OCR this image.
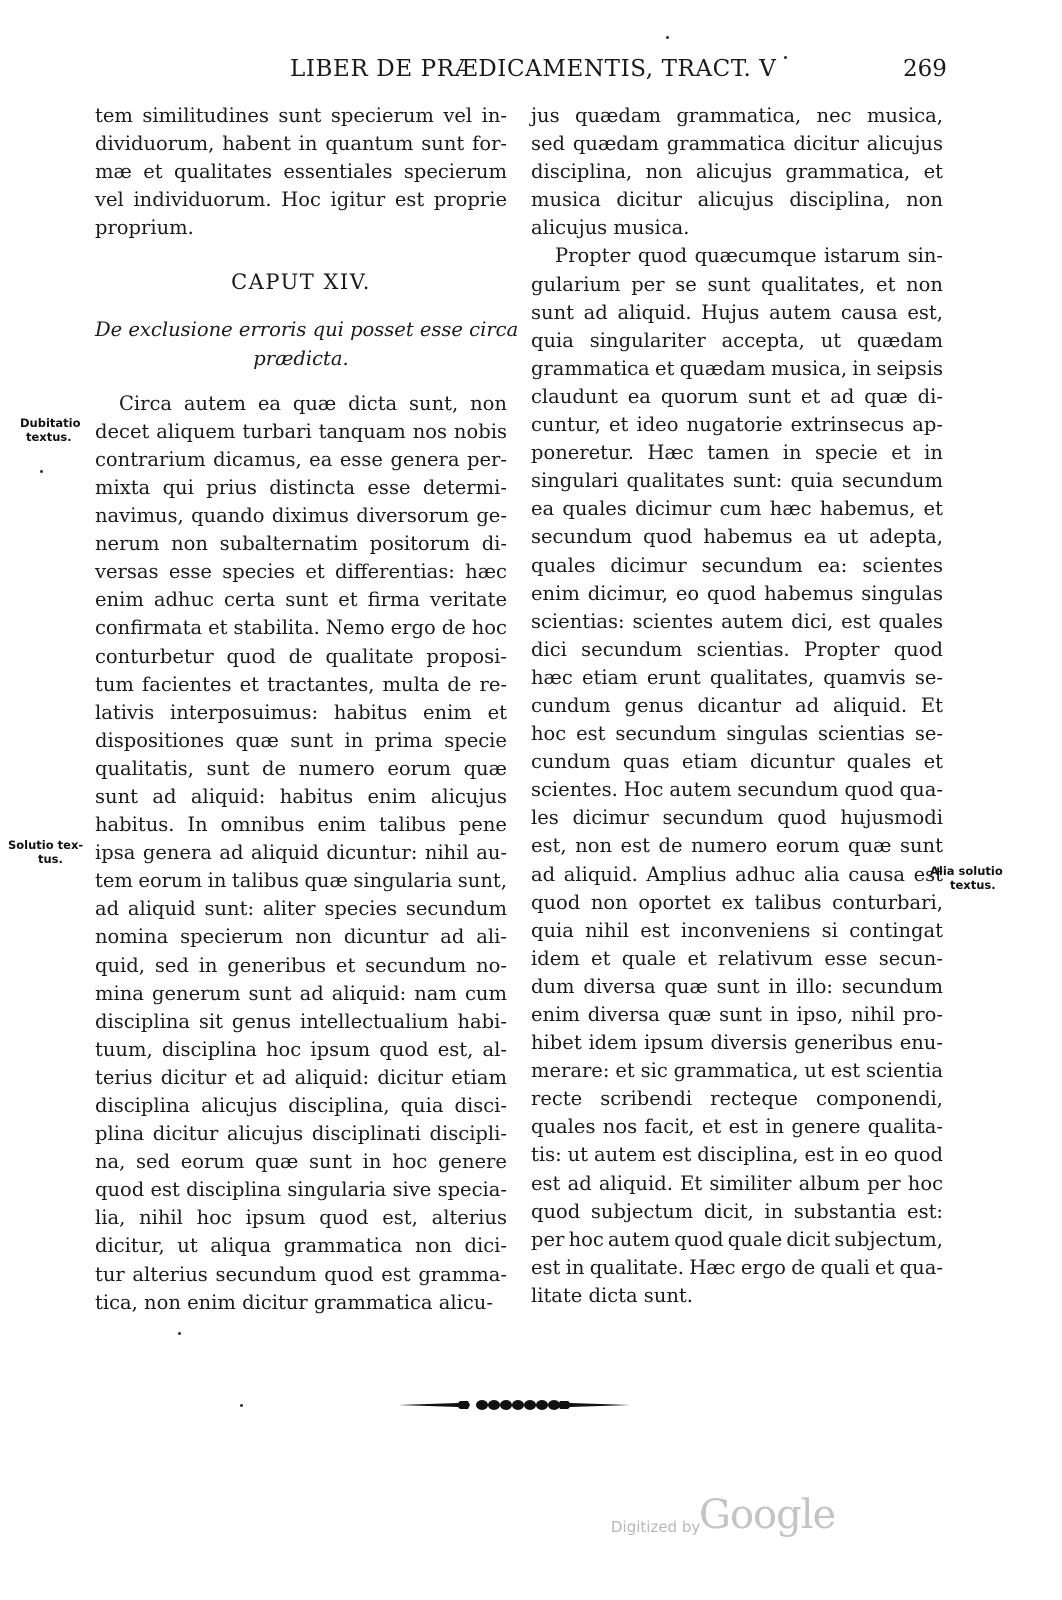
LIBER DE PRÆDICAMENTIS, TRACT. V	269
tem similitudines sunt specierum vel in-
dividuorum, habent in quantum sunt for-
mæ et qualitates essentiales specierum
vel individuorum. Hoc igitur est proprie
proprium.
CAPUT XIV.
De exclusione erroris qui posset esse circa
prædicta.
Circa autem ea quæ dicta sunt, non
decet aliquem turbari tanquam nos nobis
contrarium dicamus, ea esse genera per-
mixta qui prius distincta esse determi-
navimus, quando diximus diversorum ge-
nerum non subalternatim positorum di-
versas esse species et differentias: hæc
enim adhuc certa sunt et firma veritate
confirmata et stabilita. Nemo ergo de hoc
conturbetur quod de qualitate proposi-
tum facientes et tractantes, multa de re-
lativis interposuimus: habitus enim et
dispositiones quæ sunt in prima specie
qualitatis, sunt de numero eorum quæ
sunt ad aliquid: habitus enim alicujus
habitus. In omnibus enim talibus pene
ipsa genera ad aliquid dicuntur: nihil au-
tem eorum in talibus quæ singularia sunt,
ad aliquid sunt: aliter species secundum
nomina specierum non dicuntur ad ali-
quid, sed in generibus et secundum no-
mina generum sunt ad aliquid: nam cum
disciplina sit genus intellectualium habi-
tuum, disciplina hoc ipsum quod est, al-
terius dicitur et ad aliquid: dicitur etiam
disciplina alicujus disciplina, quia disci-
plina dicitur alicujus disciplinati discipli-
na, sed eorum quæ sunt in hoc genere
quod est disciplina singularia sive specia-
lia, nihil hoc ipsum quod est, alterius
dicitur, ut aliqua grammatica non dici-
tur alterius secundum quod est gramma-
tica, non enim dicitur grammatica alicu-
jus quædam grammatica, nec musica,
sed quædam grammatica dicitur alicujus
disciplina, non alicujus grammatica, et
musica dicitur alicujus disciplina, non
alicujus musica.
Propter quod quæcumque istarum sin-
gularium per se sunt qualitates, et non
sunt ad aliquid. Hujus autem causa est,
quia singulariter accepta, ut quædam
grammatica et quædam musica, in seipsis
claudunt ea quorum sunt et ad quæ di-
cuntur, et ideo nugatorie extrinsecus ap-
poneretur. Hæc tamen in specie et in
singulari qualitates sunt: quia secundum
ea quales dicimur cum hæc habemus, et
secundum quod habemus ea ut adepta,
quales dicimur secundum ea: scientes
enim dicimur, eo quod habemus singulas
scientias: scientes autem dici, est quales
dici secundum scientias. Propter quod
hæc etiam erunt qualitates, quamvis se-
cundum genus dicantur ad aliquid. Et
hoc est secundum singulas scientias se-
cundum quas etiam dicuntur quales et
scientes. Hoc autem secundum quod qua-
les dicimur secundum quod hujusmodi
est, non est de numero eorum quæ sunt
ad aliquid. Amplius adhuc alia causa est
quod non oportet ex talibus conturbari,
quia nihil est inconveniens si contingat
idem et quale et relativum esse secun-
dum diversa quæ sunt in illo: secundum
enim diversa quæ sunt in ipso, nihil pro-
hibet idem ipsum diversis generibus enu-
merare: et sic grammatica, ut est scientia
recte scribendi recteque componendi,
quales nos facit, et est in genere qualita-
tis: ut autem est disciplina, est in eo quod
est ad aliquid. Et similiter album per hoc
quod subjectum dicit, in substantia est:
per hoc autem quod quale dicit subjectum,
est in qualitate. Hæc ergo de quali et qua-
litate dicta sunt.
Dubitatio
textus.
Solutio tex-
tus.
Alia solutio
textus.
Digitized by
Google
